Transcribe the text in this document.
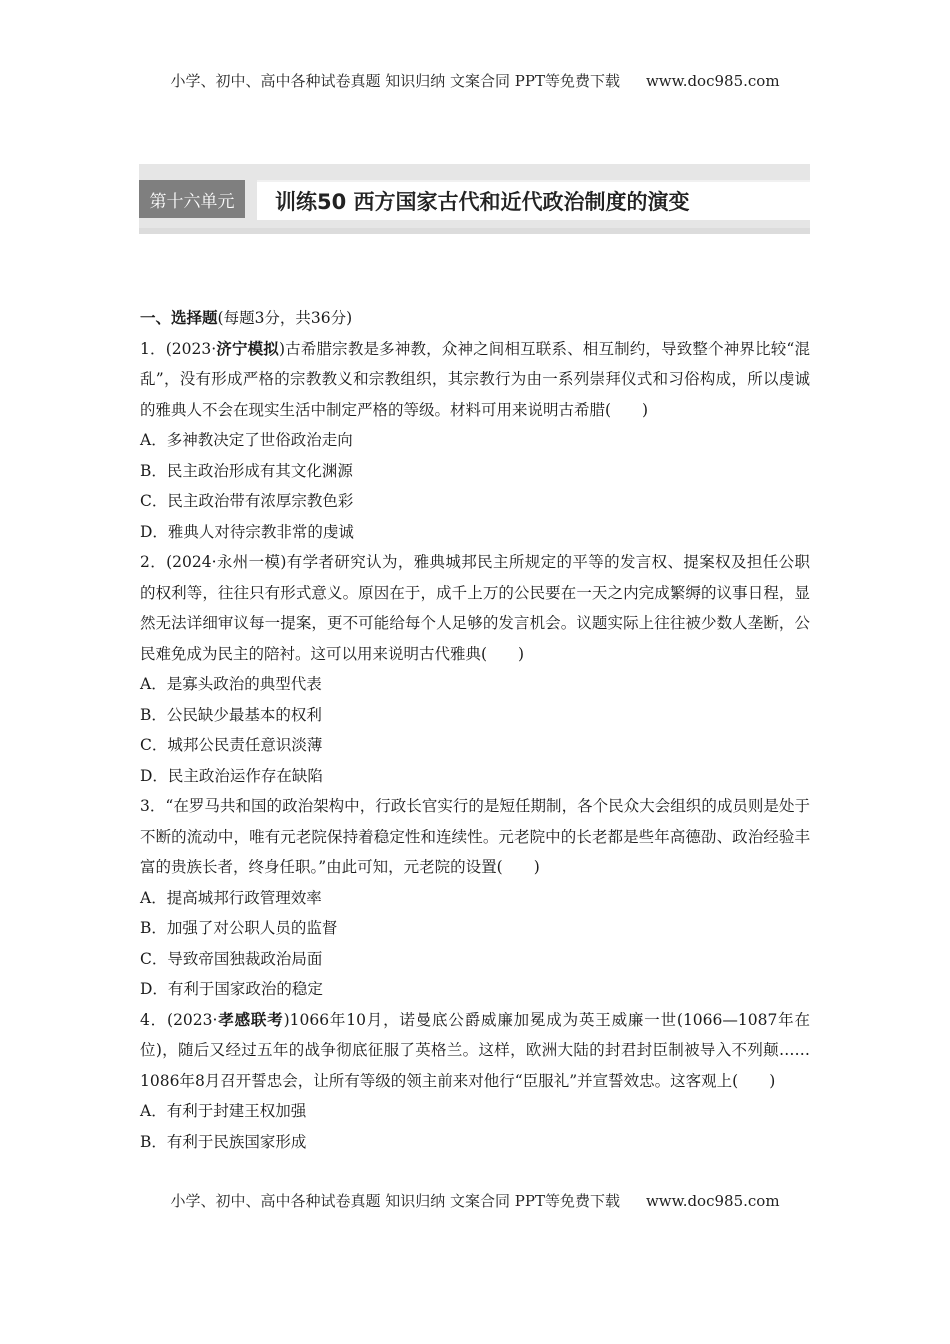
小学、初中、高中各种试卷真题 知识归纳 文案合同 PPT等免费下载 www.doc985.com
第十六单元	训练50 西方国家古代和近代政治制度的演变

一、选择题(每题3分，共36分)

1．(2023·济宁模拟)古希腊宗教是多神教，众神之间相互联系、相互制约，导致整个神界比较“混乱”，没有形成严格的宗教教义和宗教组织，其宗教行为由一系列崇拜仪式和习俗构成，所以虔诚的雅典人不会在现实生活中制定严格的等级。材料可用来说明古希腊(　　)

A．多神教决定了世俗政治走向

B．民主政治形成有其文化渊源

C．民主政治带有浓厚宗教色彩

D．雅典人对待宗教非常的虔诚

2．(2024·永州一模)有学者研究认为，雅典城邦民主所规定的平等的发言权、提案权及担任公职的权利等，往往只有形式意义。原因在于，成千上万的公民要在一天之内完成繁缛的议事日程，显然无法详细审议每一提案，更不可能给每个人足够的发言机会。议题实际上往往被少数人垄断，公民难免成为民主的陪衬。这可以用来说明古代雅典(　　)

A．是寡头政治的典型代表

B．公民缺少最基本的权利

C．城邦公民责任意识淡薄

D．民主政治运作存在缺陷

3．“在罗马共和国的政治架构中，行政长官实行的是短任期制，各个民众大会组织的成员则是处于不断的流动中，唯有元老院保持着稳定性和连续性。元老院中的长老都是些年高德劭、政治经验丰富的贵族长者，终身任职。”由此可知，元老院的设置(　　)

A．提高城邦行政管理效率

B．加强了对公职人员的监督

C．导致帝国独裁政治局面

D．有利于国家政治的稳定

4．(2023·孝感联考)1066年10月，诺曼底公爵威廉加冕成为英王威廉一世(1066—1087年在位)，随后又经过五年的战争彻底征服了英格兰。这样，欧洲大陆的封君封臣制被导入不列颠……1086年8月召开誓忠会，让所有等级的领主前来对他行“臣服礼”并宣誓效忠。这客观上(　　)

A．有利于封建王权加强

B．有利于民族国家形成

小学、初中、高中各种试卷真题 知识归纳 文案合同 PPT等免费下载 www.doc985.com
